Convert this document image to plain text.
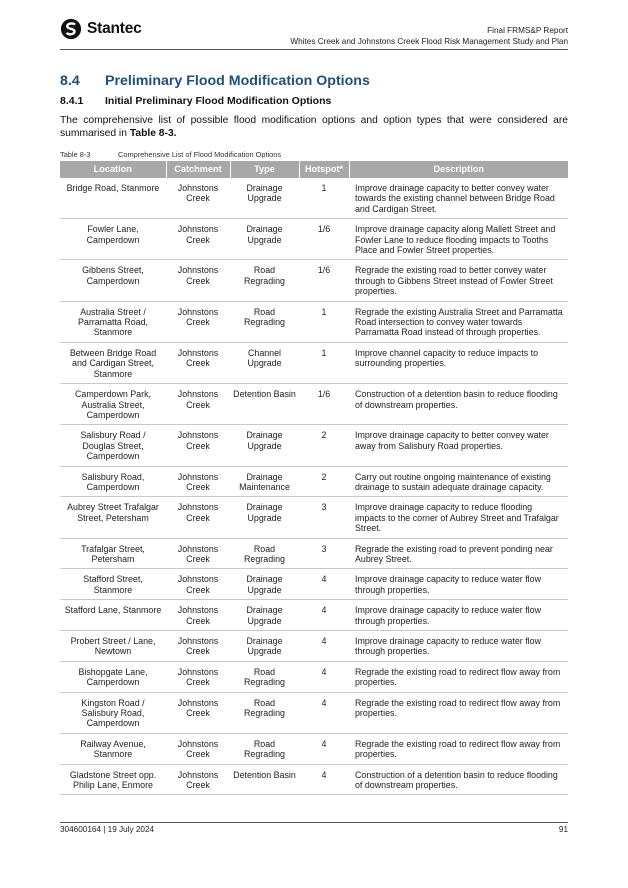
Stantec	Final FRMS&P Report
Whites Creek and Johnstons Creek Flood Risk Management Study and Plan
8.4 Preliminary Flood Modification Options
8.4.1 Initial Preliminary Flood Modification Options
The comprehensive list of possible flood modification options and option types that were considered are summarised in Table 8-3.
Table 8-3	Comprehensive List of Flood Modification Options
Location	Catchment	Type	Hotspot*	Description
Bridge Road, Stanmore	Johnstons Creek	Drainage Upgrade	1	Improve drainage capacity to better convey water towards the existing channel between Bridge Road and Cardigan Street.
Fowler Lane, Camperdown	Johnstons Creek	Drainage Upgrade	1/6	Improve drainage capacity along Mallett Street and Fowler Lane to reduce flooding impacts to Tooths Place and Fowler Street properties.
Gibbens Street, Camperdown	Johnstons Creek	Road Regrading	1/6	Regrade the existing road to better convey water through to Gibbens Street instead of Fowler Street properties.
Australia Street / Parramatta Road, Stanmore	Johnstons Creek	Road Regrading	1	Regrade the existing Australia Street and Parramatta Road intersection to convey water towards Parramatta Road instead of through properties.
Between Bridge Road and Cardigan Street, Stanmore	Johnstons Creek	Channel Upgrade	1	Improve channel capacity to reduce impacts to surrounding properties.
Camperdown Park, Australia Street, Camperdown	Johnstons Creek	Detention Basin	1/6	Construction of a detention basin to reduce flooding of downstream properties.
Salisbury Road / Douglas Street, Camperdown	Johnstons Creek	Drainage Upgrade	2	Improve drainage capacity to better convey water away from Salisbury Road properties.
Salisbury Road, Camperdown	Johnstons Creek	Drainage Maintenance	2	Carry out routine ongoing maintenance of existing drainage to sustain adequate drainage capacity.
Aubrey Street Trafalgar Street, Petersham	Johnstons Creek	Drainage Upgrade	3	Improve drainage capacity to reduce flooding impacts to the corner of Aubrey Street and Trafalgar Street.
Trafalgar Street, Petersham	Johnstons Creek	Road Regrading	3	Regrade the existing road to prevent ponding near Aubrey Street.
Stafford Street, Stanmore	Johnstons Creek	Drainage Upgrade	4	Improve drainage capacity to reduce water flow through properties.
Stafford Lane, Stanmore	Johnstons Creek	Drainage Upgrade	4	Improve drainage capacity to reduce water flow through properties.
Probert Street / Lane, Newtown	Johnstons Creek	Drainage Upgrade	4	Improve drainage capacity to reduce water flow through properties.
Bishopgate Lane, Camperdown	Johnstons Creek	Road Regrading	4	Regrade the existing road to redirect flow away from properties.
Kingston Road / Salisbury Road, Camperdown	Johnstons Creek	Road Regrading	4	Regrade the existing road to redirect flow away from properties.
Railway Avenue, Stanmore	Johnstons Creek	Road Regrading	4	Regrade the existing road to redirect flow away from properties.
Gladstone Street opp. Philip Lane, Enmore	Johnstons Creek	Detention Basin	4	Construction of a detention basin to reduce flooding of downstream properties.
304600164 | 19 July 2024	91
